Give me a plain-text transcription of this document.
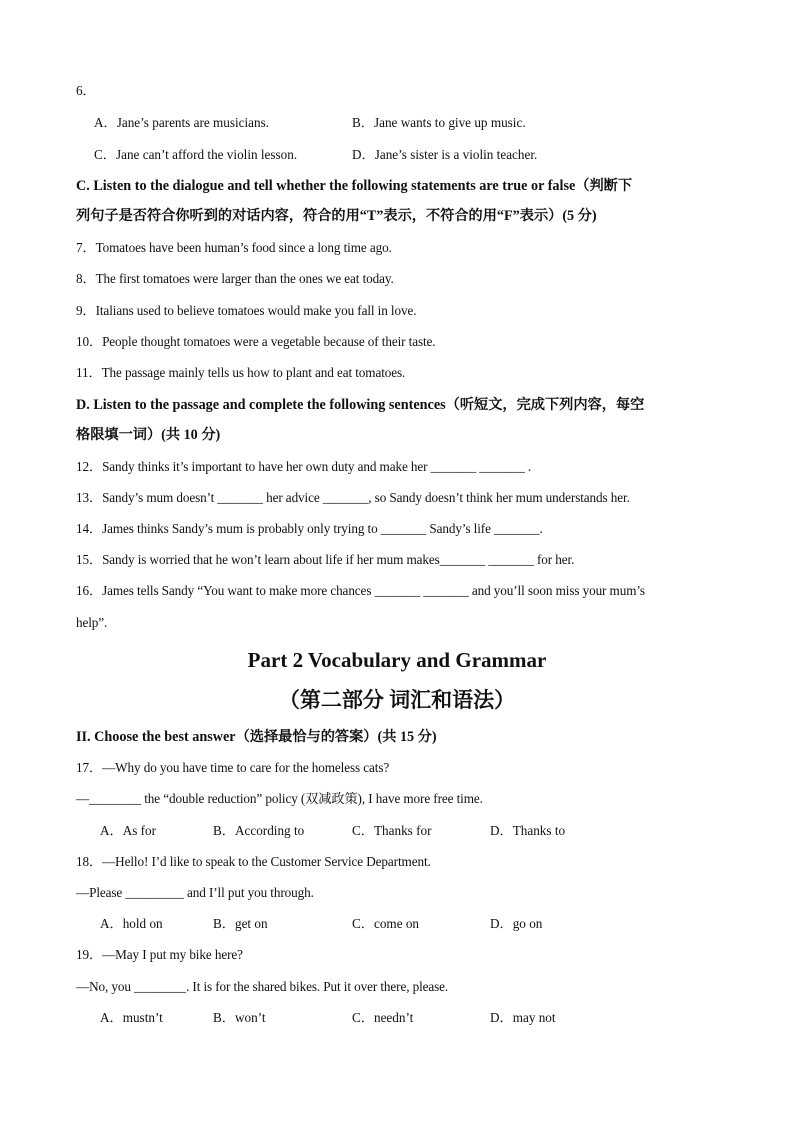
6．
A．Jane’s parents are musicians.	B．Jane wants to give up music.
C．Jane can’t afford the violin lesson.	D．Jane’s sister is a violin teacher.
C. Listen to the dialogue and tell whether the following statements are true or false（判断下
列句子是否符合你听到的对话内容，符合的用“T”表示，不符合的用“F”表示）(5 分)
7．Tomatoes have been human’s food since a long time ago.
8．The first tomatoes were larger than the ones we eat today.
9．Italians used to believe tomatoes would make you fall in love.
10．People thought tomatoes were a vegetable because of their taste.
11．The passage mainly tells us how to plant and eat tomatoes.
D. Listen to the passage and complete the following sentences（听短文，完成下列内容，每空
格限填一词）(共 10 分)
12．Sandy thinks it’s important to have her own duty and make her _______ _______ .
13．Sandy’s mum doesn’t _______ her advice _______, so Sandy doesn’t think her mum understands her.
14．James thinks Sandy’s mum is probably only trying to _______ Sandy’s life _______.
15．Sandy is worried that he won’t learn about life if her mum makes_______ _______ for her.
16．James tells Sandy “You want to make more chances _______ _______ and you’ll soon miss your mum’s
help”.
Part 2 Vocabulary and Grammar
（第二部分 词汇和语法）
II. Choose the best answer（选择最恰与的答案）(共 15 分)
17．—Why do you have time to care for the homeless cats?
—________ the “double reduction” policy (双减政策), I have more free time.
A．As for	B．According to	C．Thanks for	D．Thanks to
18．—Hello! I’d like to speak to the Customer Service Department.
—Please _________ and I’ll put you through.
A．hold on	B．get on	C．come on	D．go on
19．—May I put my bike here?
—No, you ________. It is for the shared bikes. Put it over there, please.
A．mustn’t	B．won’t	C．needn’t	D．may not
